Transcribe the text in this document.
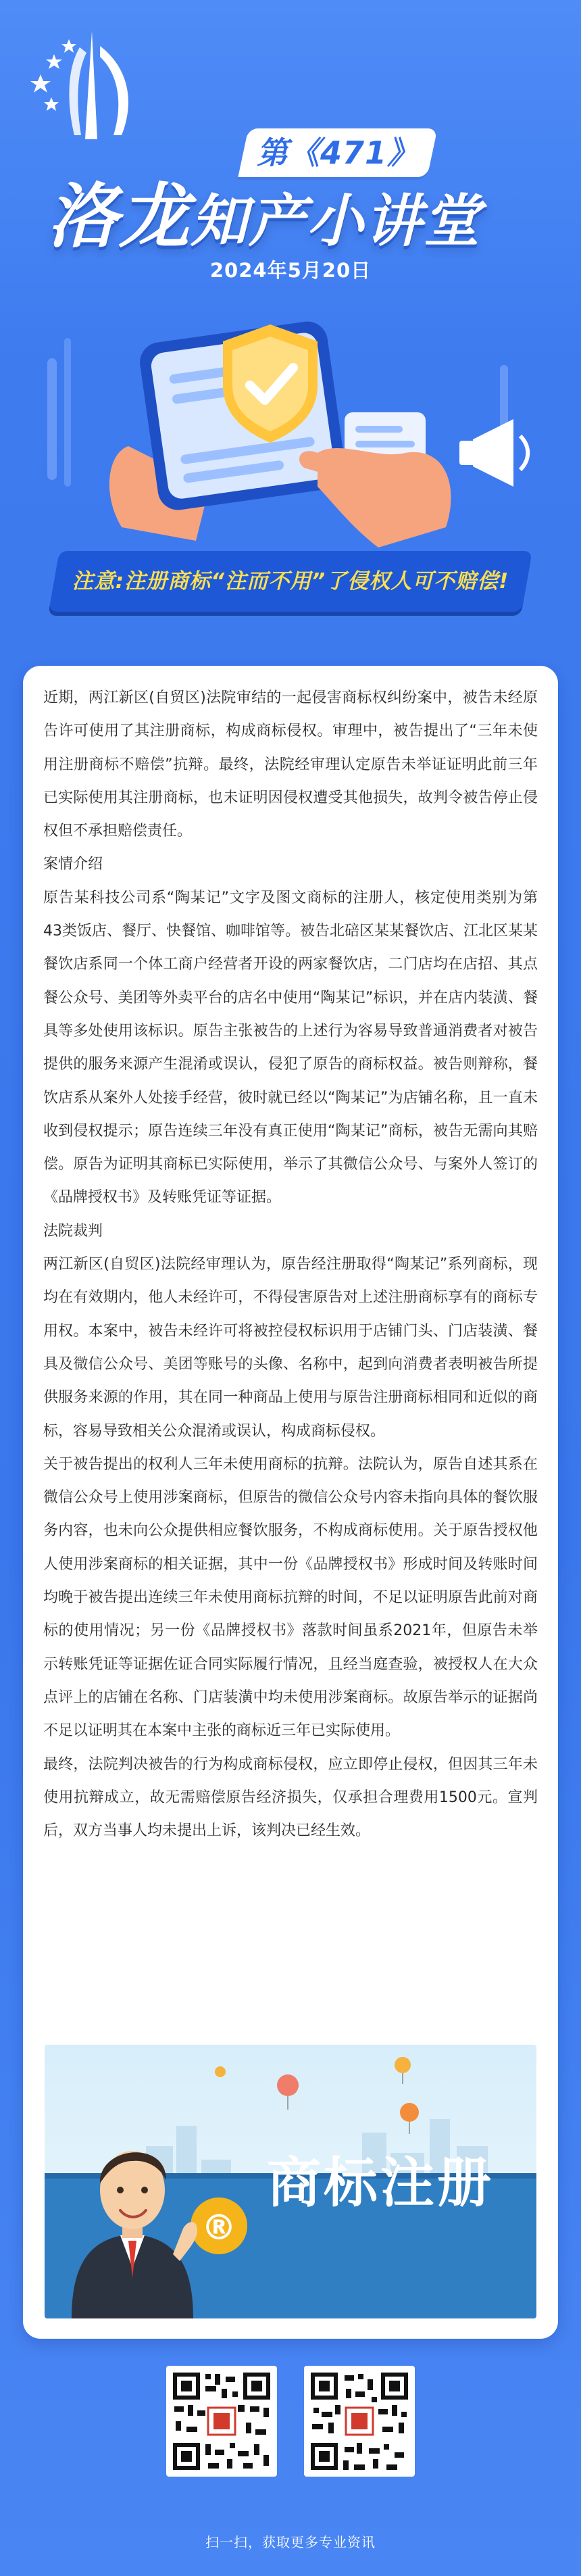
第《471》
洛龙知产小讲堂
2024年5月20日
注意:注册商标“注而不用”了侵权人可不赔偿!

近期，两江新区(自贸区)法院审结的一起侵害商标权纠纷案中，被告未经原告许可使用了其注册商标，构成商标侵权。审理中，被告提出了“三年未使用注册商标不赔偿”抗辩。最终，法院经审理认定原告未举证证明此前三年已实际使用其注册商标，也未证明因侵权遭受其他损失，故判令被告停止侵权但不承担赔偿责任。

案情介绍

原告某科技公司系“陶某记”文字及图文商标的注册人，核定使用类别为第43类饭店、餐厅、快餐馆、咖啡馆等。被告北碚区某某餐饮店、江北区某某餐饮店系同一个体工商户经营者开设的两家餐饮店，二门店均在店招、其点餐公众号、美团等外卖平台的店名中使用“陶某记”标识，并在店内装潢、餐具等多处使用该标识。原告主张被告的上述行为容易导致普通消费者对被告提供的服务来源产生混淆或误认，侵犯了原告的商标权益。被告则辩称，餐饮店系从案外人处接手经营，彼时就已经以“陶某记”为店铺名称，且一直未收到侵权提示；原告连续三年没有真正使用“陶某记”商标，被告无需向其赔偿。原告为证明其商标已实际使用，举示了其微信公众号、与案外人签订的《品牌授权书》及转账凭证等证据。

法院裁判

两江新区(自贸区)法院经审理认为，原告经注册取得“陶某记”系列商标，现均在有效期内，他人未经许可，不得侵害原告对上述注册商标享有的商标专用权。本案中，被告未经许可将被控侵权标识用于店铺门头、门店装潢、餐具及微信公众号、美团等账号的头像、名称中，起到向消费者表明被告所提供服务来源的作用，其在同一种商品上使用与原告注册商标相同和近似的商标，容易导致相关公众混淆或误认，构成商标侵权。

关于被告提出的权利人三年未使用商标的抗辩。法院认为，原告自述其系在微信公众号上使用涉案商标，但原告的微信公众号内容未指向具体的餐饮服务内容，也未向公众提供相应餐饮服务，不构成商标使用。关于原告授权他人使用涉案商标的相关证据，其中一份《品牌授权书》形成时间及转账时间均晚于被告提出连续三年未使用商标抗辩的时间，不足以证明原告此前对商标的使用情况；另一份《品牌授权书》落款时间虽系2021年，但原告未举示转账凭证等证据佐证合同实际履行情况，且经当庭查验，被授权人在大众点评上的店铺在名称、门店装潢中均未使用涉案商标。故原告举示的证据尚不足以证明其在本案中主张的商标近三年已实际使用。

最终，法院判决被告的行为构成商标侵权，应立即停止侵权，但因其三年未使用抗辩成立，故无需赔偿原告经济损失，仅承担合理费用1500元。宣判后，双方当事人均未提出上诉，该判决已经生效。

®
商标注册
扫一扫，获取更多专业资讯
